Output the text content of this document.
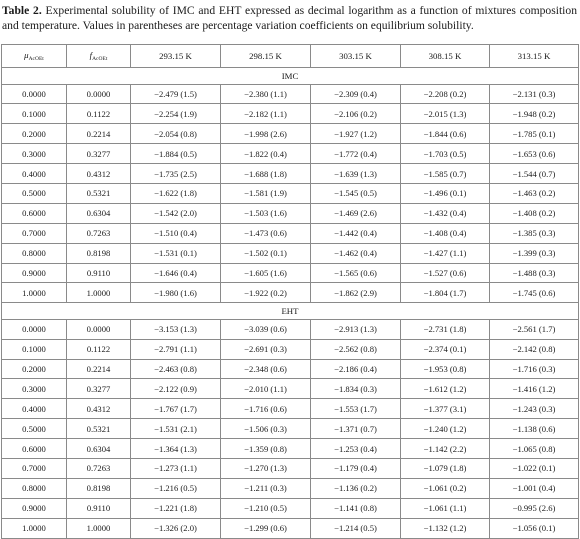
Table 2. Experimental solubility of IMC and EHT expressed as decimal logarithm as a function of mixtures composition and temperature. Values in parentheses are percentage variation coefficients on equilibrium solubility.
$\mu_{AcOEt}$	$f_{AcOEt}$	293.15 K	298.15 K	303.15 K	308.15 K	313.15 K
IMC						
0.0000	0.0000	−2.479 (1.5)	−2.380 (1.1)	−2.309 (0.4)	−2.208 (0.2)	−2.131 (0.3)
0.1000	0.1122	−2.254 (1.9)	−2.182 (1.1)	−2.106 (0.2)	−2.015 (1.3)	−1.948 (0.2)
0.2000	0.2214	−2.054 (0.8)	−1.998 (2.6)	−1.927 (1.2)	−1.844 (0.6)	−1.785 (0.1)
0.3000	0.3277	−1.884 (0.5)	−1.822 (0.4)	−1.772 (0.4)	−1.703 (0.5)	−1.653 (0.6)
0.4000	0.4312	−1.735 (2.5)	−1.688 (1.8)	−1.639 (1.3)	−1.585 (0.7)	−1.544 (0.7)
0.5000	0.5321	−1.622 (1.8)	−1.581 (1.9)	−1.545 (0.5)	−1.496 (0.1)	−1.463 (0.2)
0.6000	0.6304	−1.542 (2.0)	−1.503 (1.6)	−1.469 (2.6)	−1.432 (0.4)	−1.408 (0.2)
0.7000	0.7263	−1.510 (0.4)	−1.473 (0.6)	−1.442 (0.4)	−1.408 (0.4)	−1.385 (0.3)
0.8000	0.8198	−1.531 (0.1)	−1.502 (0.1)	−1.462 (0.4)	−1.427 (1.1)	−1.399 (0.3)
0.9000	0.9110	−1.646 (0.4)	−1.605 (1.6)	−1.565 (0.6)	−1.527 (0.6)	−1.488 (0.3)
1.0000	1.0000	−1.980 (1.6)	−1.922 (0.2)	−1.862 (2.9)	−1.804 (1.7)	−1.745 (0.6)
EHT						
0.0000	0.0000	−3.153 (1.3)	−3.039 (0.6)	−2.913 (1.3)	−2.731 (1.8)	−2.561 (1.7)
0.1000	0.1122	−2.791 (1.1)	−2.691 (0.3)	−2.562 (0.8)	−2.374 (0.1)	−2.142 (0.8)
0.2000	0.2214	−2.463 (0.8)	−2.348 (0.6)	−2.186 (0.4)	−1.953 (0.8)	−1.716 (0.3)
0.3000	0.3277	−2.122 (0.9)	−2.010 (1.1)	−1.834 (0.3)	−1.612 (1.2)	−1.416 (1.2)
0.4000	0.4312	−1.767 (1.7)	−1.716 (0.6)	−1.553 (1.7)	−1.377 (3.1)	−1.243 (0.3)
0.5000	0.5321	−1.531 (2.1)	−1.506 (0.3)	−1.371 (0.7)	−1.240 (1.2)	−1.138 (0.6)
0.6000	0.6304	−1.364 (1.3)	−1.359 (0.8)	−1.253 (0.4)	−1.142 (2.2)	−1.065 (0.8)
0.7000	0.7263	−1.273 (1.1)	−1.270 (1.3)	−1.179 (0.4)	−1.079 (1.8)	−1.022 (0.1)
0.8000	0.8198	−1.216 (0.5)	−1.211 (0.3)	−1.136 (0.2)	−1.061 (0.2)	−1.001 (0.4)
0.9000	0.9110	−1.221 (1.8)	−1.210 (0.5)	−1.141 (0.8)	−1.061 (1.1)	−0.995 (2.6)
1.0000	1.0000	−1.326 (2.0)	−1.299 (0.6)	−1.214 (0.5)	−1.132 (1.2)	−1.056 (0.1)
